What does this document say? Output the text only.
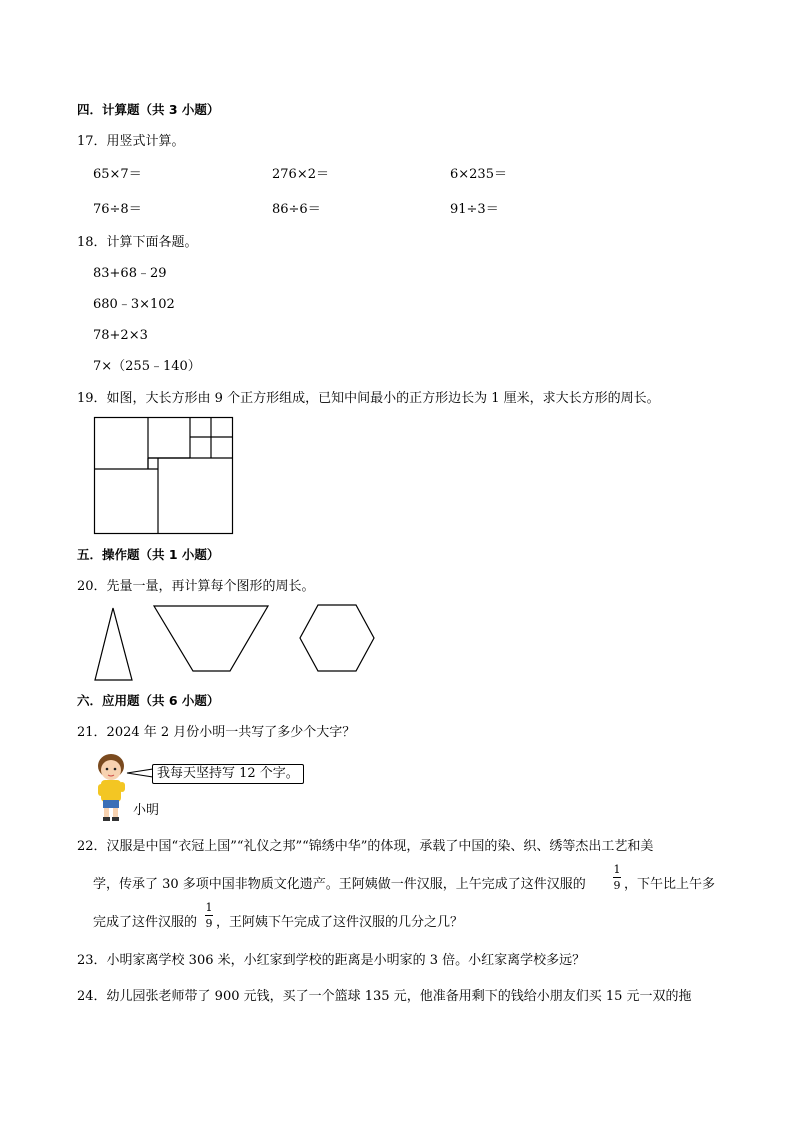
四．计算题（共 3 小题）
17．用竖式计算。
65×7＝	276×2＝	6×235＝
76÷8＝	86÷6＝	91÷3＝
18．计算下面各题。
83+68﹣29
680﹣3×102
78+2×3
7×（255﹣140）
19．如图，大长方形由 9 个正方形组成，已知中间最小的正方形边长为 1 厘米，求大长方形的周长。
五．操作题（共 1 小题）
20．先量一量，再计算每个图形的周长。
六．应用题（共 6 小题）
21．2024 年 2 月份小明一共写了多少个大字？
我每天坚持写 12 个字。
小明
22．汉服是中国“衣冠上国”“礼仪之邦”“锦绣中华”的体现，承载了中国的染、织、绣等杰出工艺和美
学，传承了 30 多项中国非物质文化遗产。王阿姨做一件汉服，上午完成了这件汉服的
1
9 ，下午比上午多
完成了这件汉服的
1
9 ，王阿姨下午完成了这件汉服的几分之几？
23．小明家离学校 306 米，小红家到学校的距离是小明家的 3 倍。小红家离学校多远？
24．幼儿园张老师带了 900 元钱，买了一个篮球 135 元，他准备用剩下的钱给小朋友们买 15 元一双的拖
